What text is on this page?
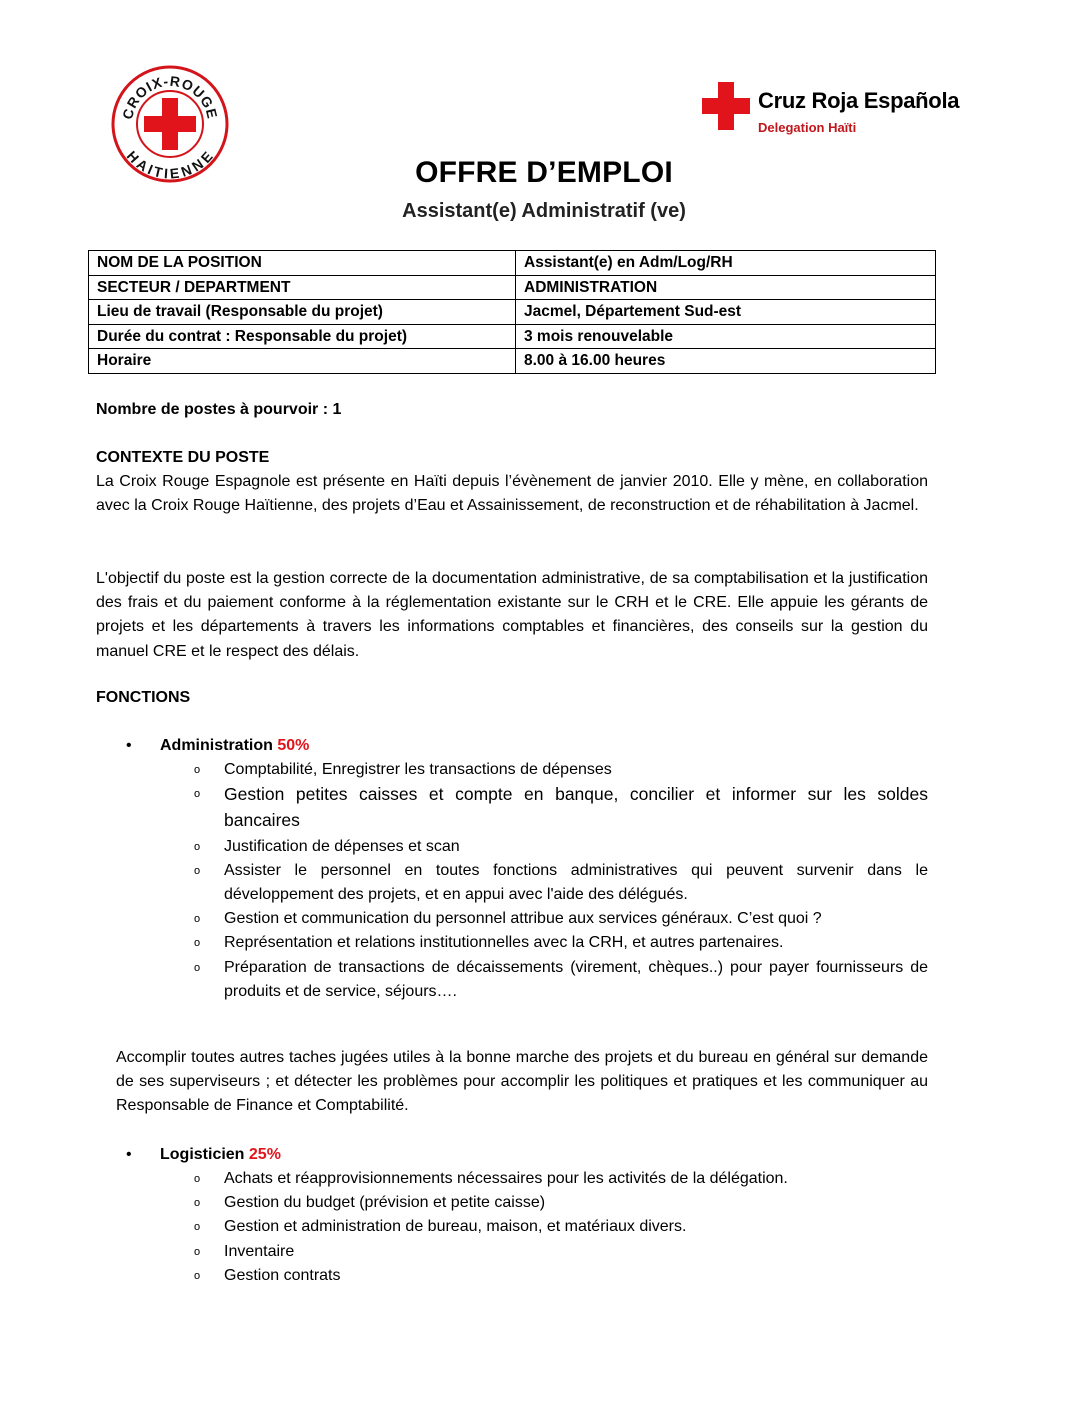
CROIX-ROUGE
HAITIENNE
Cruz Roja Española
Delegation Haïti
OFFRE D’EMPLOI
Assistant(e) Administratif (ve)
NOM DE LA POSITION	Assistant(e) en Adm/Log/RH
SECTEUR / DEPARTMENT	ADMINISTRATION
Lieu de travail (Responsable du projet)	Jacmel, Département Sud-est
Durée du contrat : Responsable du projet)	3 mois renouvelable
Horaire	8.00 à 16.00 heures
Nombre de postes à pourvoir : 1
CONTEXTE DU POSTE
La Croix Rouge Espagnole est présente en Haïti depuis l’évènement de janvier 2010. Elle y mène, en collaboration avec la Croix Rouge Haïtienne, des projets d’Eau et Assainissement, de reconstruction et de réhabilitation à Jacmel.
L'objectif du poste est la gestion correcte de la documentation administrative, de sa comptabilisation et la justification des frais et du paiement conforme à la réglementation existante sur le CRH et le CRE. Elle appuie les gérants de projets et les départements à travers les informations comptables et financières, des conseils sur la gestion du manuel CRE et le respect des délais.
FONCTIONS
• Administration 50%
o Comptabilité, Enregistrer les transactions de dépenses
o Gestion petites caisses et compte en banque, concilier et informer sur les soldes bancaires
o Justification de dépenses et scan
o Assister le personnel en toutes fonctions administratives qui peuvent survenir dans le développement des projets, et en appui avec l'aide des délégués.
o Gestion et communication du personnel attribue aux services généraux. C’est quoi ?
o Représentation et relations institutionnelles avec la CRH, et autres partenaires.
o Préparation de transactions de décaissements (virement, chèques..) pour payer fournisseurs de produits et de service, séjours….
Accomplir toutes autres taches jugées utiles à la bonne marche des projets et du bureau en général sur demande de ses superviseurs ; et détecter les problèmes pour accomplir les politiques et pratiques et les communiquer au Responsable de Finance et Comptabilité.
• Logisticien 25%
o Achats et réapprovisionnements nécessaires pour les activités de la délégation.
o Gestion du budget (prévision et petite caisse)
o Gestion et administration de bureau, maison, et matériaux divers.
o Inventaire
o Gestion contrats
